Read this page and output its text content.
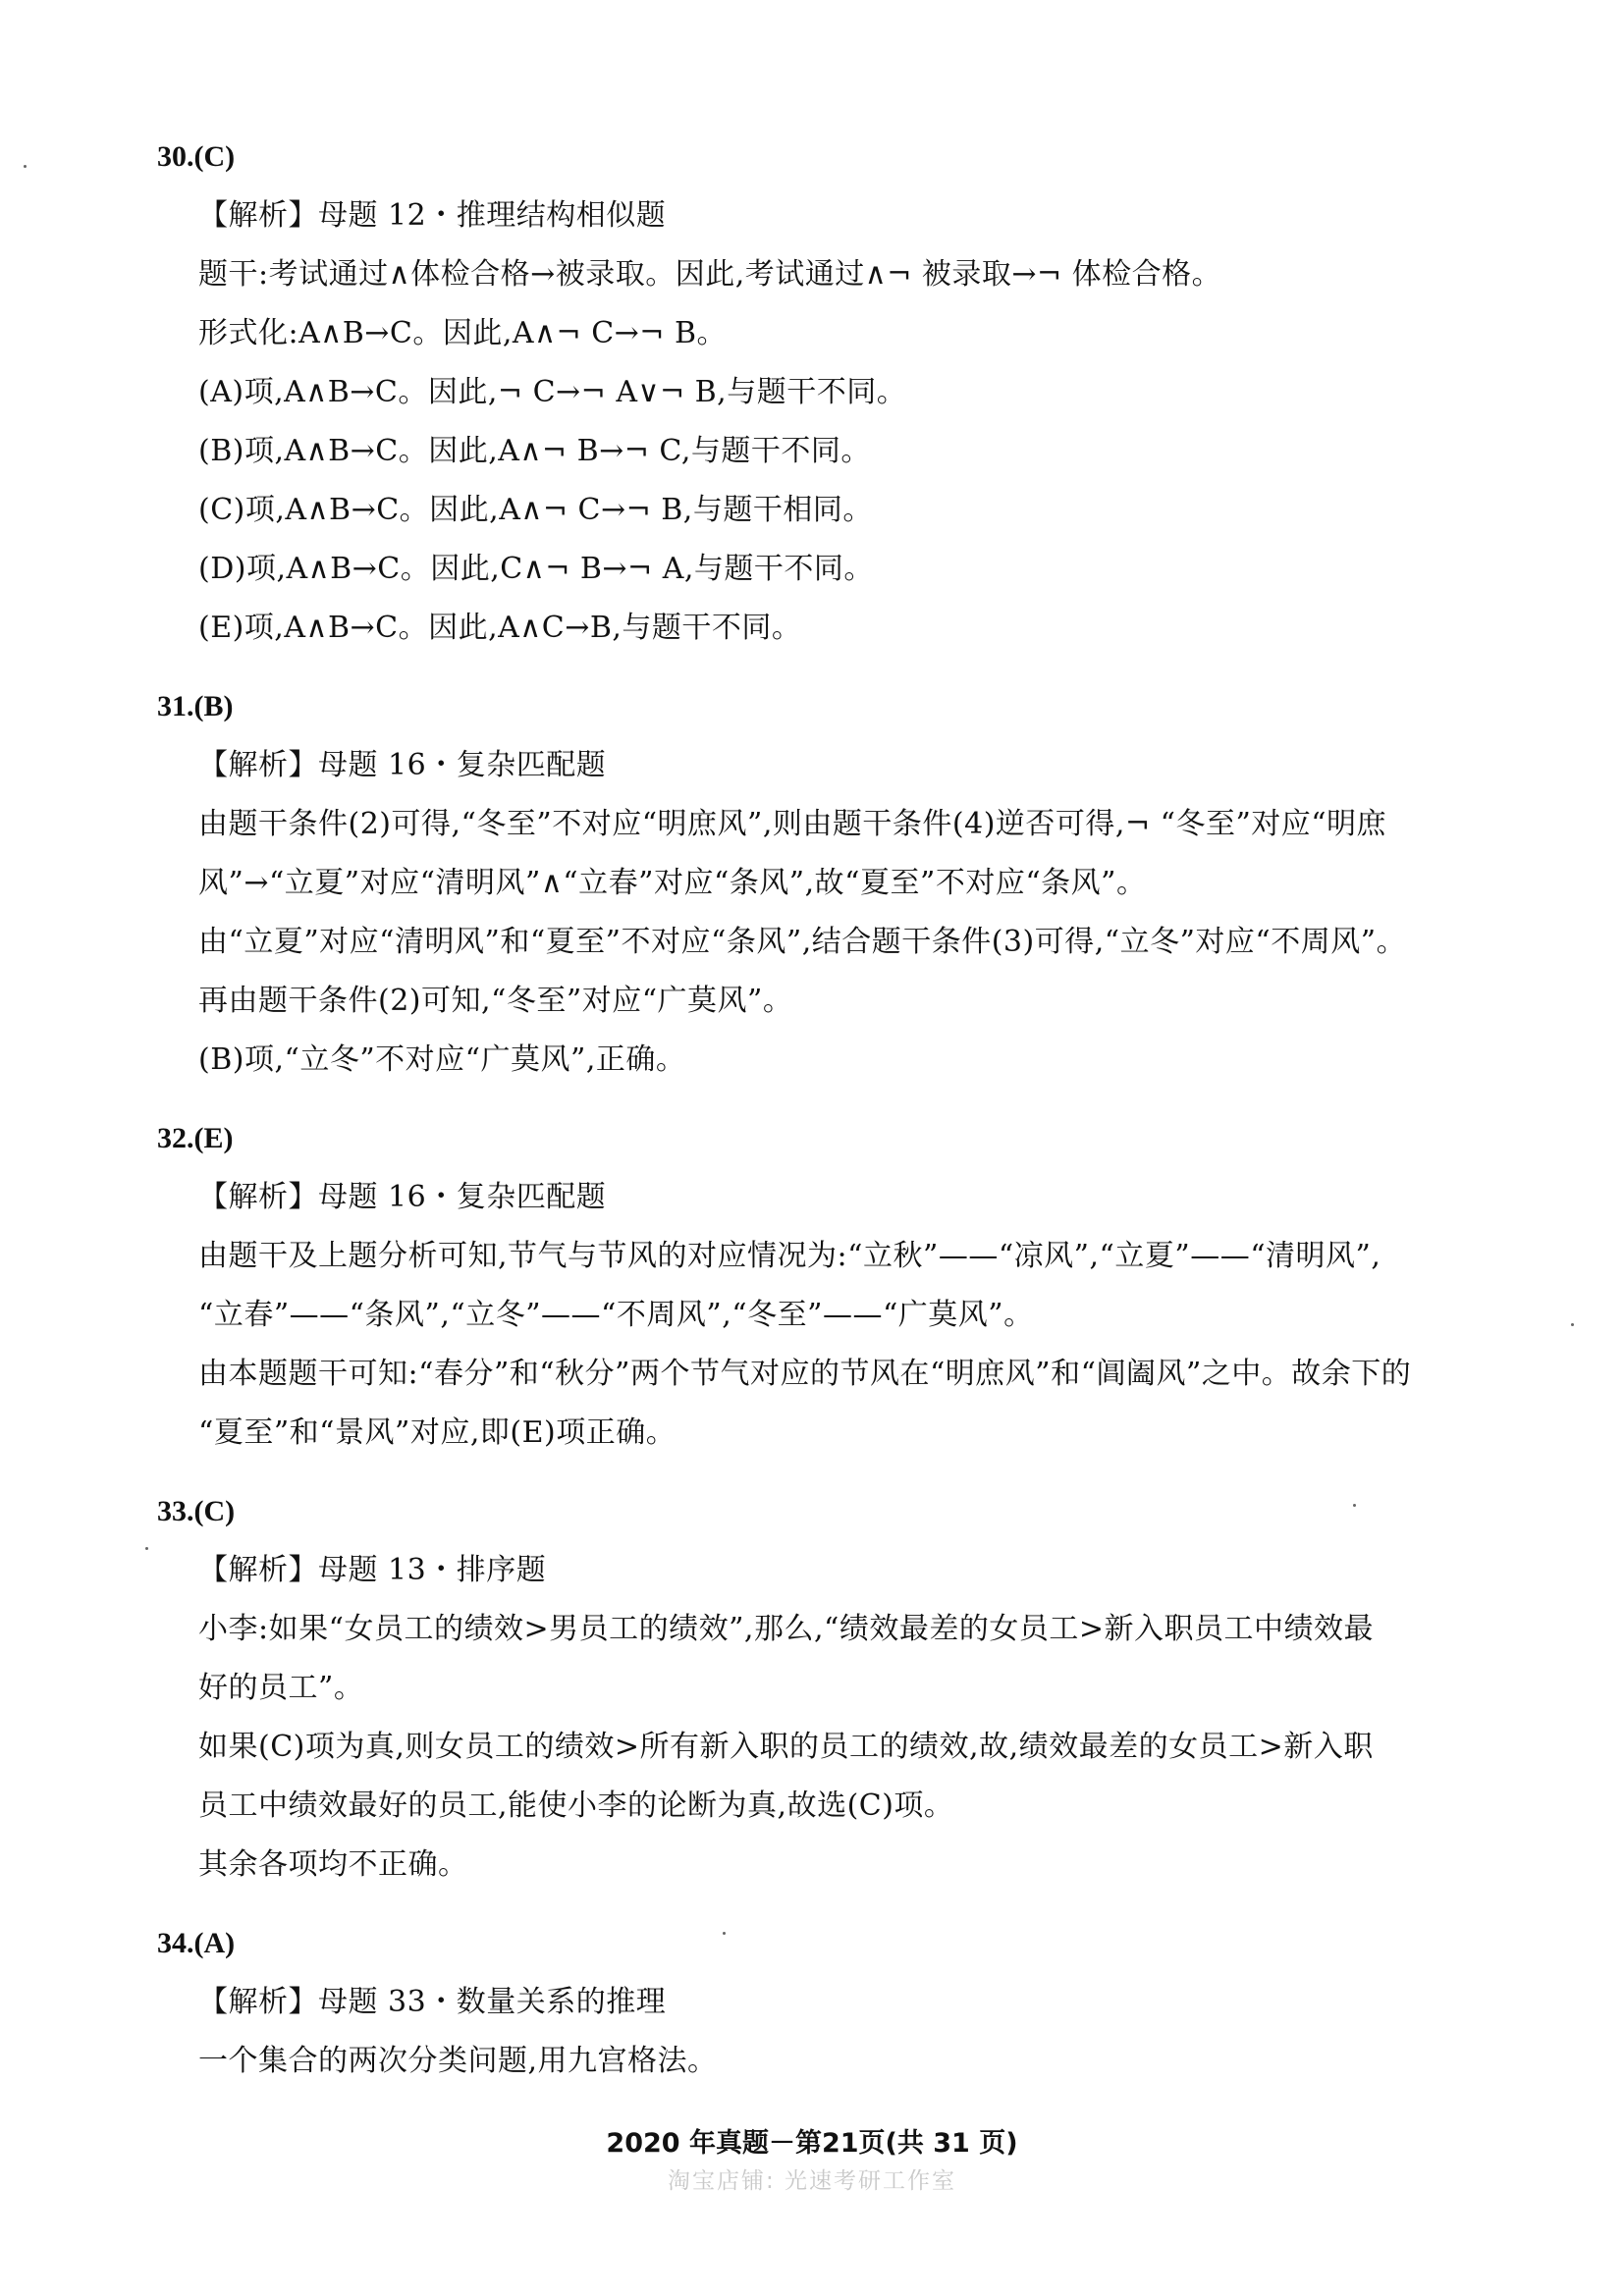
30.(C)
【解析】母题 12・推理结构相似题
题干:考试通过∧体检合格→被录取。因此,考试通过∧¬ 被录取→¬ 体检合格。
形式化:A∧B→C。因此,A∧¬ C→¬ B。
(A)项,A∧B→C。因此,¬ C→¬ A∨¬ B,与题干不同。
(B)项,A∧B→C。因此,A∧¬ B→¬ C,与题干不同。
(C)项,A∧B→C。因此,A∧¬ C→¬ B,与题干相同。
(D)项,A∧B→C。因此,C∧¬ B→¬ A,与题干不同。
(E)项,A∧B→C。因此,A∧C→B,与题干不同。
31.(B)
【解析】母题 16・复杂匹配题
由题干条件(2)可得,“冬至”不对应“明庶风”,则由题干条件(4)逆否可得,¬ “冬至”对应“明庶
风”→“立夏”对应“清明风”∧“立春”对应“条风”,故“夏至”不对应“条风”。
由“立夏”对应“清明风”和“夏至”不对应“条风”,结合题干条件(3)可得,“立冬”对应“不周风”。
再由题干条件(2)可知,“冬至”对应“广莫风”。
(B)项,“立冬”不对应“广莫风”,正确。
32.(E)
【解析】母题 16・复杂匹配题
由题干及上题分析可知,节气与节风的对应情况为:“立秋”——“凉风”,“立夏”——“清明风”,
“立春”——“条风”,“立冬”——“不周风”,“冬至”——“广莫风”。
由本题题干可知:“春分”和“秋分”两个节气对应的节风在“明庶风”和“阊阖风”之中。故余下的
“夏至”和“景风”对应,即(E)项正确。
33.(C)
【解析】母题 13・排序题
小李:如果“女员工的绩效>男员工的绩效”,那么,“绩效最差的女员工>新入职员工中绩效最
好的员工”。
如果(C)项为真,则女员工的绩效>所有新入职的员工的绩效,故,绩效最差的女员工>新入职
员工中绩效最好的员工,能使小李的论断为真,故选(C)项。
其余各项均不正确。
34.(A)
【解析】母题 33・数量关系的推理
一个集合的两次分类问题,用九宫格法。
2020 年真题－第21页(共 31 页)
淘宝店铺: 光速考研工作室
